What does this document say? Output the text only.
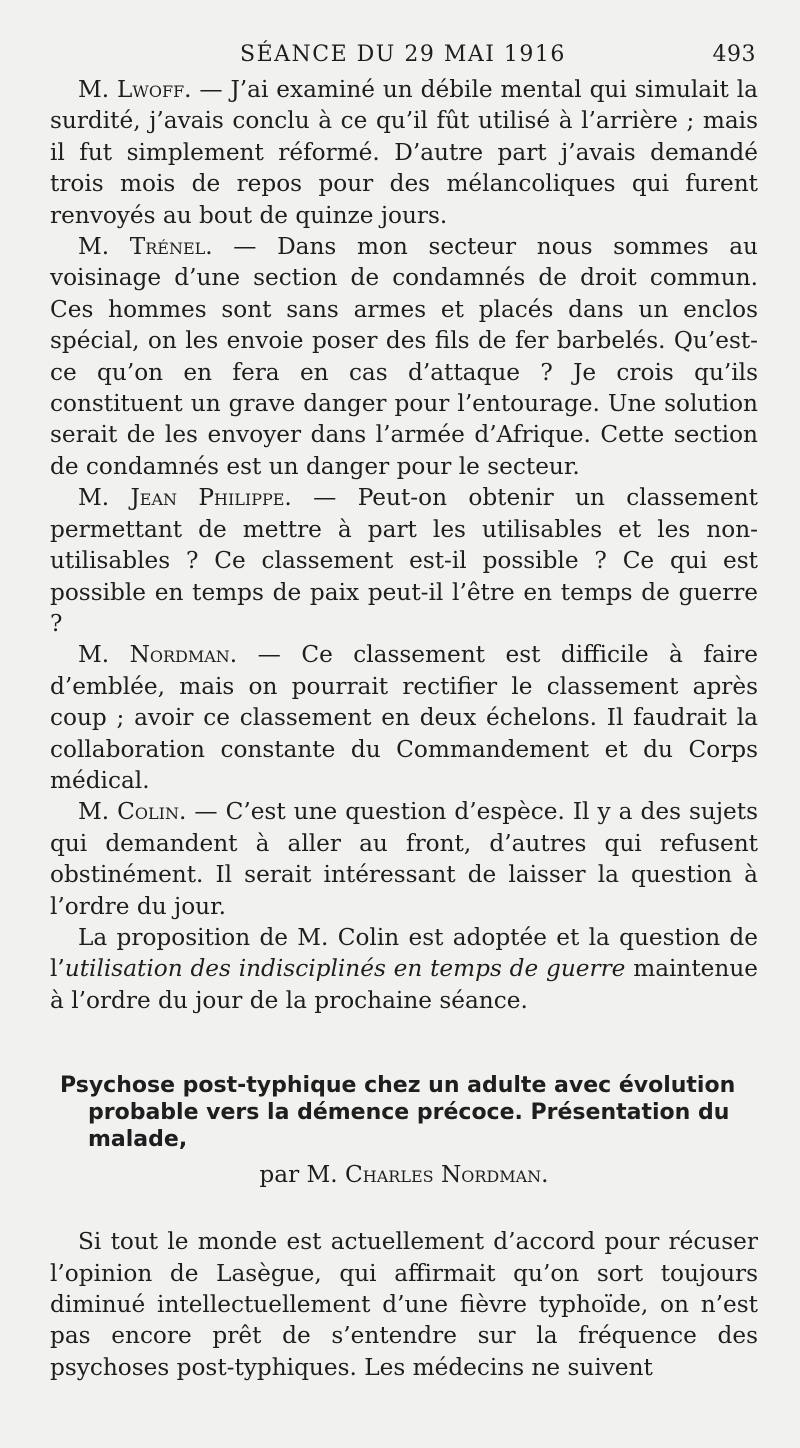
SÉANCE DU 29 MAI 1916	493

M. Lwoff. — J’ai examiné un débile mental qui simulait la surdité, j’avais conclu à ce qu’il fût utilisé à l’arrière ; mais il fut simplement réformé. D’autre part j’avais demandé trois mois de repos pour des mélancoliques qui furent renvoyés au bout de quinze jours.

M. Trénel. — Dans mon secteur nous sommes au voisinage d’une section de condamnés de droit commun. Ces hommes sont sans armes et placés dans un enclos spécial, on les envoie poser des fils de fer barbelés. Qu’est-ce qu’on en fera en cas d’attaque ? Je crois qu’ils constituent un grave danger pour l’entourage. Une solution serait de les envoyer dans l’armée d’Afrique. Cette section de condamnés est un danger pour le secteur.

M. Jean Philippe. — Peut-on obtenir un classement permettant de mettre à part les utilisables et les non-utilisables ? Ce classement est-il possible ? Ce qui est possible en temps de paix peut-il l’être en temps de guerre ?

M. Nordman. — Ce classement est difficile à faire d’emblée, mais on pourrait rectifier le classement après coup ; avoir ce classement en deux échelons. Il faudrait la collaboration constante du Commandement et du Corps médical.

M. Colin. — C’est une question d’espèce. Il y a des sujets qui demandent à aller au front, d’autres qui refusent obstinément. Il serait intéressant de laisser la question à l’ordre du jour.

La proposition de M. Colin est adoptée et la question de l’utilisation des indisciplinés en temps de guerre maintenue à l’ordre du jour de la prochaine séance.

Psychose post-typhique chez un adulte avec évolution probable vers la démence précoce. Présentation du malade,
par M. Charles Nordman.

Si tout le monde est actuellement d’accord pour récuser l’opinion de Lasègue, qui affirmait qu’on sort toujours diminué intellectuellement d’une fièvre typhoïde, on n’est pas encore prêt de s’entendre sur la fréquence des psychoses post-typhiques. Les médecins ne suivent
